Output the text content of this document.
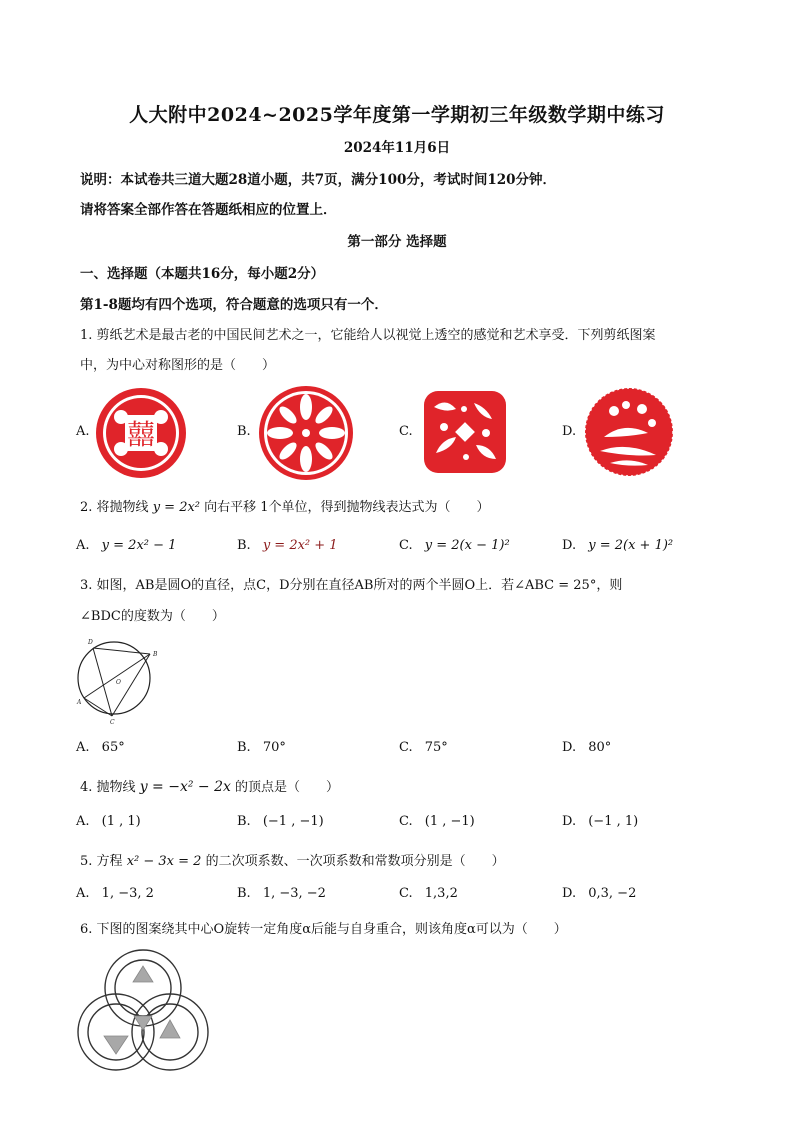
人大附中2024~2025学年度第一学期初三年级数学期中练习
2024年11月6日
说明：本试卷共三道大题28道小题，共7页，满分100分，考试时间120分钟．
请将答案全部作答在答题纸相应的位置上．
第一部分 选择题
一、选择题（本题共16分，每小题2分）
第1-8题均有四个选项，符合题意的选项只有一个．
1. 剪纸艺术是最古老的中国民间艺术之一，它能给人以视觉上透空的感觉和艺术享受．下列剪纸图案
中，为中心对称图形的是（　　）
A.	B.	C.	D.
囍
2. 将抛物线 y = 2x² 向右平移 1个单位，得到抛物线表达式为（　　）
A. y = 2x² − 1	B. y = 2x² + 1	C. y = 2(x − 1)²	D. y = 2(x + 1)²
3. 如图，AB是圆O的直径，点C，D分别在直径AB所对的两个半圆O上．若∠ABC = 25°，则
∠BDC的度数为（　　）
D
B
O
A
C
A. 65°	B. 70°	C. 75°	D. 80°
4. 抛物线 y = −x² − 2x 的顶点是（　　）
A. (1 , 1)	B. (−1 , −1)	C. (1 , −1)	D. (−1 , 1)
5. 方程 x² − 3x = 2 的二次项系数、一次项系数和常数项分别是（　　）
A. 1, −3, 2	B. 1, −3, −2	C. 1,3,2	D. 0,3, −2
6. 下图的图案绕其中心O旋转一定角度α后能与自身重合，则该角度α可以为（　　）
